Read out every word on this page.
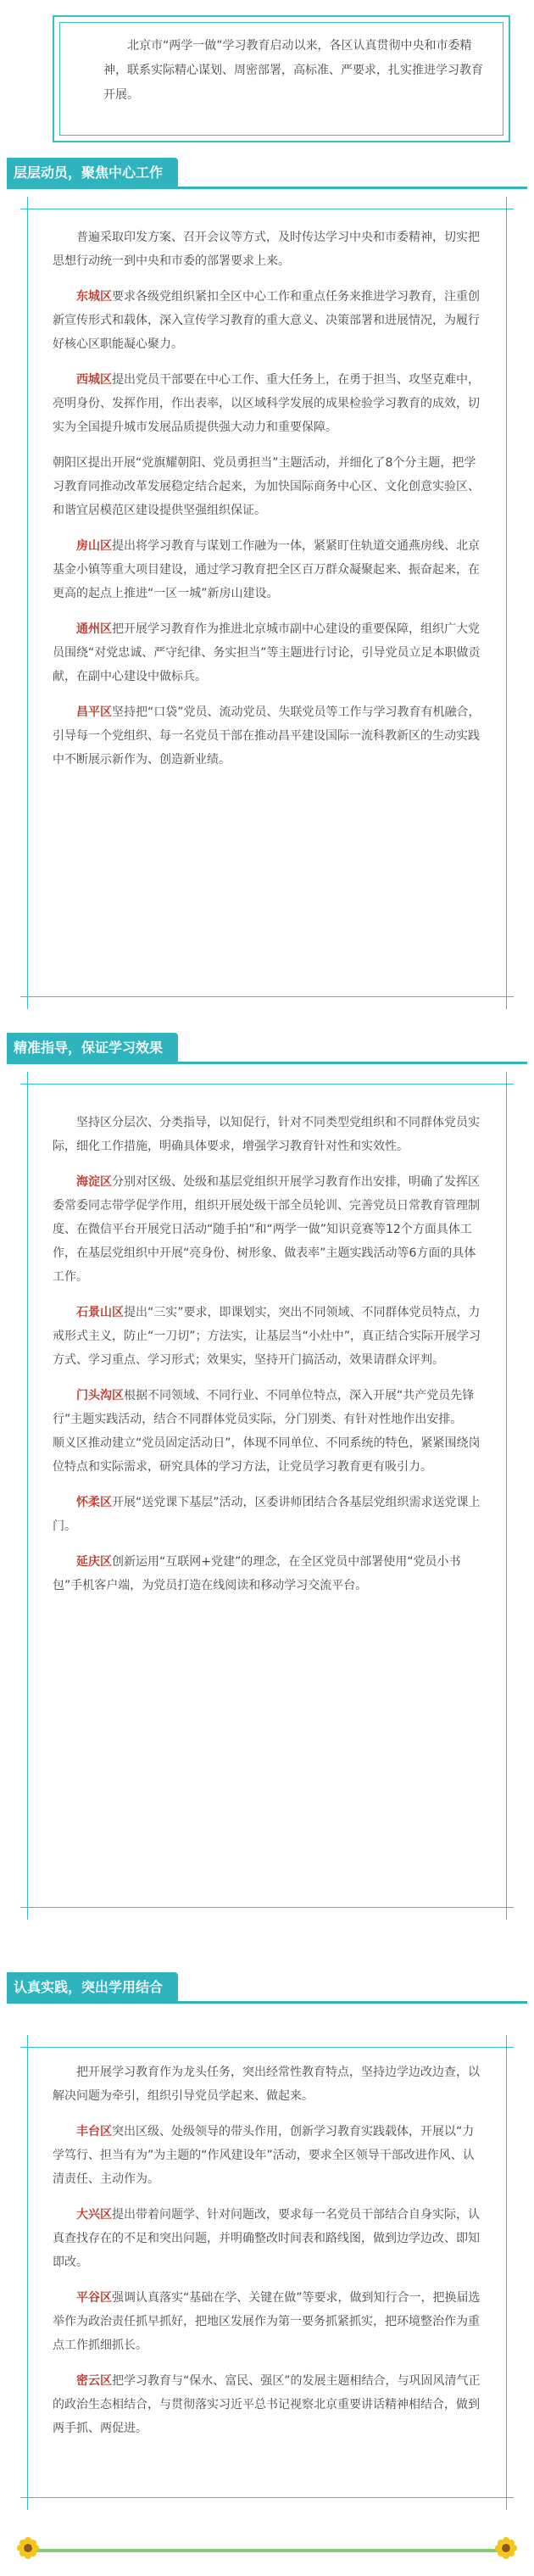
北京市“两学一做”学习教育启动以来，各区认真贯彻中央和市委精神，联系实际精心谋划、周密部署，高标准、严要求，扎实推进学习教育开展。
层层动员，聚焦中心工作

普遍采取印发方案、召开会议等方式，及时传达学习中央和市委精神，切实把思想行动统一到中央和市委的部署要求上来。

东城区要求各级党组织紧扣全区中心工作和重点任务来推进学习教育，注重创新宣传形式和载体，深入宣传学习教育的重大意义、决策部署和进展情况，为履行好核心区职能凝心聚力。

西城区提出党员干部要在中心工作、重大任务上，在勇于担当、攻坚克难中，亮明身份、发挥作用，作出表率，以区域科学发展的成果检验学习教育的成效，切实为全国提升城市发展品质提供强大动力和重要保障。

朝阳区提出开展“党旗耀朝阳、党员勇担当”主题活动，并细化了8个分主题，把学习教育同推动改革发展稳定结合起来，为加快国际商务中心区、文化创意实验区、和谐宜居模范区建设提供坚强组织保证。

房山区提出将学习教育与谋划工作融为一体，紧紧盯住轨道交通燕房线、北京基金小镇等重大项目建设，通过学习教育把全区百万群众凝聚起来、振奋起来，在更高的起点上推进“一区一城”新房山建设。

通州区把开展学习教育作为推进北京城市副中心建设的重要保障，组织广大党员围绕“对党忠诚、严守纪律、务实担当”等主题进行讨论，引导党员立足本职做贡献，在副中心建设中做标兵。

昌平区坚持把“口袋”党员、流动党员、失联党员等工作与学习教育有机融合，引导每一个党组织、每一名党员干部在推动昌平建设国际一流科教新区的生动实践中不断展示新作为、创造新业绩。

精准指导，保证学习效果

坚持区分层次、分类指导，以知促行，针对不同类型党组织和不同群体党员实际，细化工作措施，明确具体要求，增强学习教育针对性和实效性。

海淀区分别对区级、处级和基层党组织开展学习教育作出安排，明确了发挥区委常委同志带学促学作用，组织开展处级干部全员轮训、完善党员日常教育管理制度、在微信平台开展党日活动“随手拍”和“两学一做”知识竞赛等12个方面具体工作，在基层党组织中开展“亮身份、树形象、做表率”主题实践活动等6方面的具体工作。

石景山区提出“三实”要求，即课划实，突出不同领域、不同群体党员特点，力戒形式主义，防止“一刀切”；方法实，让基层当“小灶中”，真正结合实际开展学习方式、学习重点、学习形式；效果实，坚持开门搞活动，效果请群众评判。

门头沟区根据不同领域、不同行业、不同单位特点，深入开展“共产党员先锋行”主题实践活动，结合不同群体党员实际，分门别类、有针对性地作出安排。

顺义区推动建立“党员固定活动日”，体现不同单位、不同系统的特色，紧紧围绕岗位特点和实际需求，研究具体的学习方法，让党员学习教育更有吸引力。

怀柔区开展“送党课下基层”活动，区委讲师团结合各基层党组织需求送党课上门。

延庆区创新运用“互联网+党建”的理念，在全区党员中部署使用“党员小书包”手机客户端，为党员打造在线阅读和移动学习交流平台。

认真实践，突出学用结合

把开展学习教育作为龙头任务，突出经常性教育特点，坚持边学边改边查，以解决问题为牵引，组织引导党员学起来、做起来。

丰台区突出区级、处级领导的带头作用，创新学习教育实践载体，开展以“力学笃行、担当有为”为主题的“作风建设年”活动，要求全区领导干部改进作风、认清责任、主动作为。

大兴区提出带着问题学、针对问题改，要求每一名党员干部结合自身实际，认真查找存在的不足和突出问题，并明确整改时间表和路线图，做到边学边改、即知即改。

平谷区强调认真落实“基础在学、关键在做”等要求，做到知行合一，把换届选举作为政治责任抓早抓好，把地区发展作为第一要务抓紧抓实，把环境整治作为重点工作抓细抓长。

密云区把学习教育与“保水、富民、强区”的发展主题相结合，与巩固风清气正的政治生态相结合，与贯彻落实习近平总书记视察北京重要讲话精神相结合，做到两手抓、两促进。
